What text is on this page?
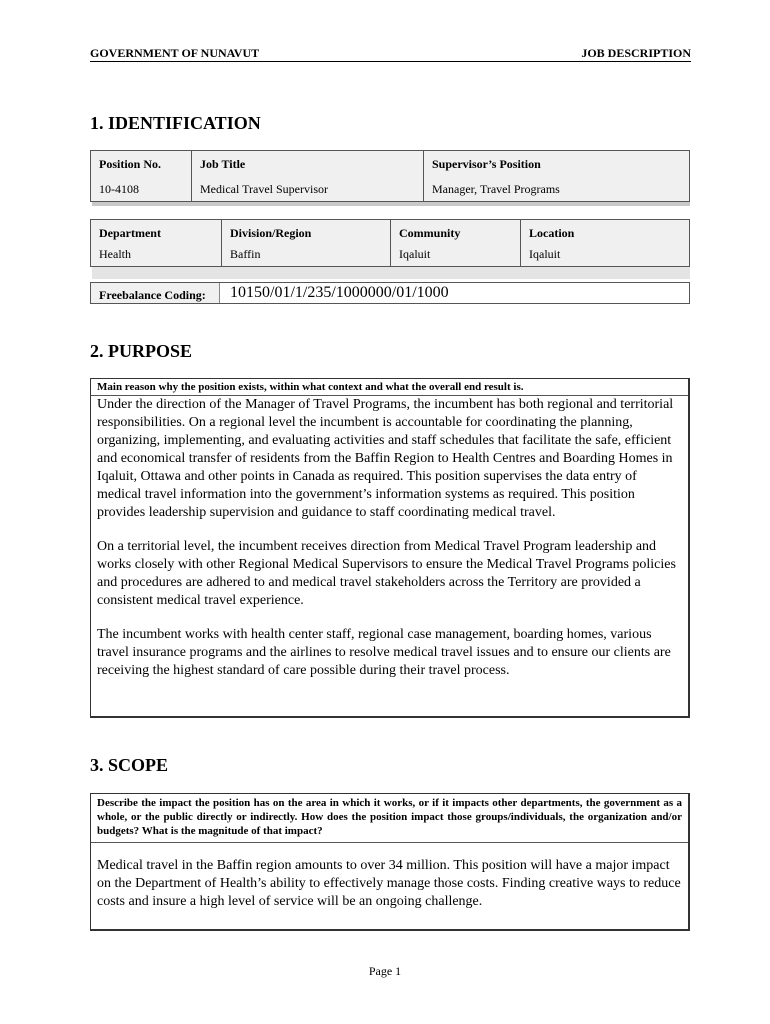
GOVERNMENT OF NUNAVUT	JOB DESCRIPTION
1. IDENTIFICATION
Position No.
10-4108
Job Title
Medical Travel Supervisor
Supervisor’s Position
Manager, Travel Programs
Department
Health
Division/Region
Baffin
Community
Iqaluit
Location
Iqaluit
Freebalance Coding: 10150/01/1/235/1000000/01/1000
2. PURPOSE
Main reason why the position exists, within what context and what the overall end result is.

Under the direction of the Manager of Travel Programs, the incumbent has both regional and territorial responsibilities. On a regional level the incumbent is accountable for coordinating the planning, organizing, implementing, and evaluating activities and staff schedules that facilitate the safe, efficient and economical transfer of residents from the Baffin Region to Health Centres and Boarding Homes in Iqaluit, Ottawa and other points in Canada as required. This position supervises the data entry of medical travel information into the government’s information systems as required. This position provides leadership supervision and guidance to staff coordinating medical travel.

On a territorial level, the incumbent receives direction from Medical Travel Program leadership and works closely with other Regional Medical Supervisors to ensure the Medical Travel Programs policies and procedures are adhered to and medical travel stakeholders across the Territory are provided a consistent medical travel experience.

The incumbent works with health center staff, regional case management, boarding homes, various travel insurance programs and the airlines to resolve medical travel issues and to ensure our clients are receiving the highest standard of care possible during their travel process.

3. SCOPE
Describe the impact the position has on the area in which it works, or if it impacts other departments, the government as a whole, or the public directly or indirectly. How does the position impact those groups/individuals, the organization and/or budgets? What is the magnitude of that impact?

Medical travel in the Baffin region amounts to over 34 million. This position will have a major impact on the Department of Health’s ability to effectively manage those costs. Finding creative ways to reduce costs and insure a high level of service will be an ongoing challenge.

Page 1
